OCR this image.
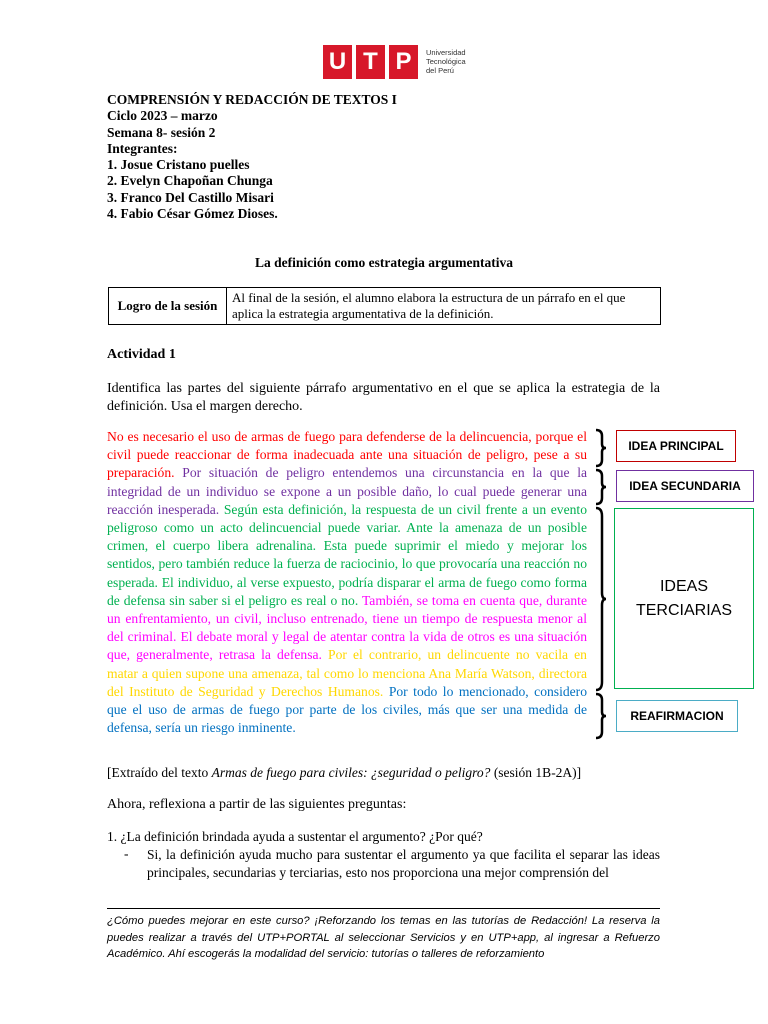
U T P	Universidad
Tecnológica
del Perú
COMPRENSIÓN Y REDACCIÓN DE TEXTOS I
Ciclo 2023 – marzo
Semana 8- sesión 2
Integrantes:
1. Josue Cristano puelles
2. Evelyn Chapoñan Chunga
3. Franco Del Castillo Misari
4. Fabio César Gómez Dioses.
La definición como estrategia argumentativa
Logro de la sesión	Al final de la sesión, el alumno elabora la estructura de un párrafo en el que aplica la estrategia argumentativa de la definición.
Actividad 1
Identifica las partes del siguiente párrafo argumentativo en el que se aplica la estrategia de la definición. Usa el margen derecho.
No es necesario el uso de armas de fuego para defenderse de la delincuencia, porque el civil puede reaccionar de forma inadecuada ante una situación de peligro, pese a su preparación. Por situación de peligro entendemos una circunstancia en la que la integridad de un individuo se expone a un posible daño, lo cual puede generar una reacción inesperada. Según esta definición, la respuesta de un civil frente a un evento peligroso como un acto delincuencial puede variar. Ante la amenaza de un posible crimen, el cuerpo libera adrenalina. Esta puede suprimir el miedo y mejorar los sentidos, pero también reduce la fuerza de raciocinio, lo que provocaría una reacción no esperada. El individuo, al verse expuesto, podría disparar el arma de fuego como forma de defensa sin saber si el peligro es real o no. También, se toma en cuenta que, durante un enfrentamiento, un civil, incluso entrenado, tiene un tiempo de respuesta menor al del criminal. El debate moral y legal de atentar contra la vida de otros es una situación que, generalmente, retrasa la defensa. Por el contrario, un delincuente no vacila en matar a quien supone una amenaza, tal como lo menciona Ana María Watson, directora del Instituto de Seguridad y Derechos Humanos. Por todo lo mencionado, considero que el uso de armas de fuego por parte de los civiles, más que ser una medida de defensa, sería un riesgo inminente.
IDEA PRINCIPAL
IDEA SECUNDARIA
IDEAS
TERCIARIAS
REAFIRMACION
[Extraído del texto Armas de fuego para civiles: ¿seguridad o peligro? (sesión 1B-2A)]
Ahora, reflexiona a partir de las siguientes preguntas:
1. ¿La definición brindada ayuda a sustentar el argumento? ¿Por qué?
- Si, la definición ayuda mucho para sustentar el argumento ya que facilita el separar las ideas principales, secundarias y terciarias, esto nos proporciona una mejor comprensión del
¿Cómo puedes mejorar en este curso? ¡Reforzando los temas en las tutorías de Redacción! La reserva la puedes realizar a través del UTP+PORTAL al seleccionar Servicios y en UTP+app, al ingresar a Refuerzo Académico. Ahí escogerás la modalidad del servicio: tutorías o talleres de reforzamiento
